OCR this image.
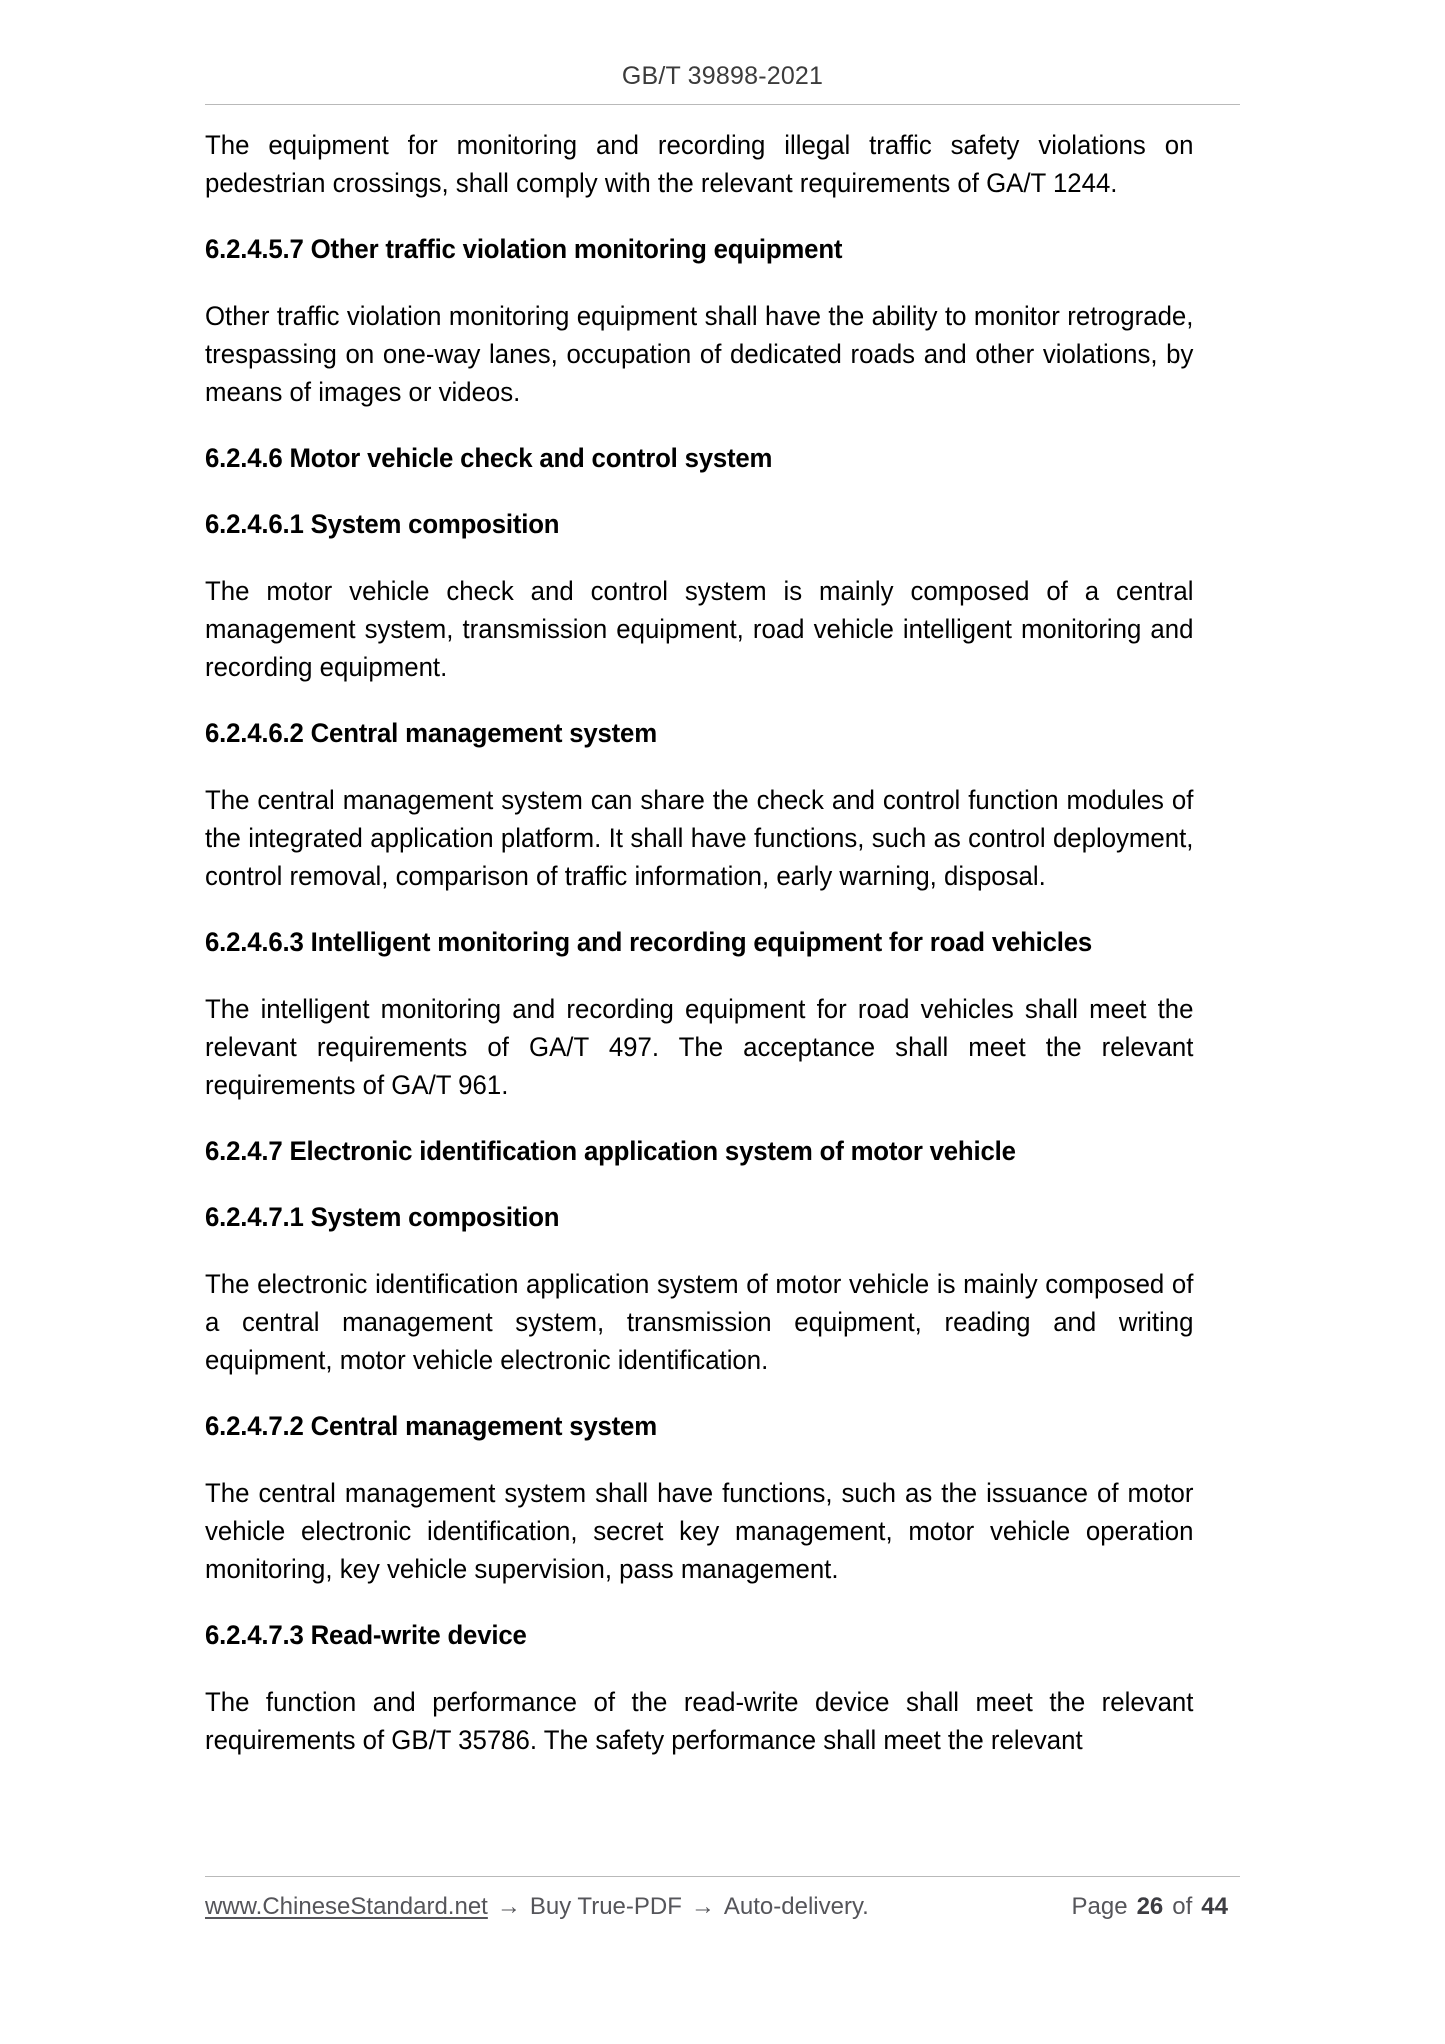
GB/T 39898-2021
The equipment for monitoring and recording illegal traffic safety violations on pedestrian crossings, shall comply with the relevant requirements of GA/T 1244.
6.2.4.5.7 Other traffic violation monitoring equipment
Other traffic violation monitoring equipment shall have the ability to monitor retrograde, trespassing on one-way lanes, occupation of dedicated roads and other violations, by means of images or videos.
6.2.4.6 Motor vehicle check and control system
6.2.4.6.1 System composition
The motor vehicle check and control system is mainly composed of a central management system, transmission equipment, road vehicle intelligent monitoring and recording equipment.
6.2.4.6.2 Central management system
The central management system can share the check and control function modules of the integrated application platform. It shall have functions, such as control deployment, control removal, comparison of traffic information, early warning, disposal.
6.2.4.6.3 Intelligent monitoring and recording equipment for road vehicles
The intelligent monitoring and recording equipment for road vehicles shall meet the relevant requirements of GA/T 497. The acceptance shall meet the relevant requirements of GA/T 961.
6.2.4.7 Electronic identification application system of motor vehicle
6.2.4.7.1 System composition
The electronic identification application system of motor vehicle is mainly composed of a central management system, transmission equipment, reading and writing equipment, motor vehicle electronic identification.
6.2.4.7.2 Central management system
The central management system shall have functions, such as the issuance of motor vehicle electronic identification, secret key management, motor vehicle operation monitoring, key vehicle supervision, pass management.
6.2.4.7.3 Read-write device
The function and performance of the read-write device shall meet the relevant requirements of GB/T 35786. The safety performance shall meet the relevant
www.ChineseStandard.net → Buy True-PDF → Auto-delivery.	Page 26 of 44
